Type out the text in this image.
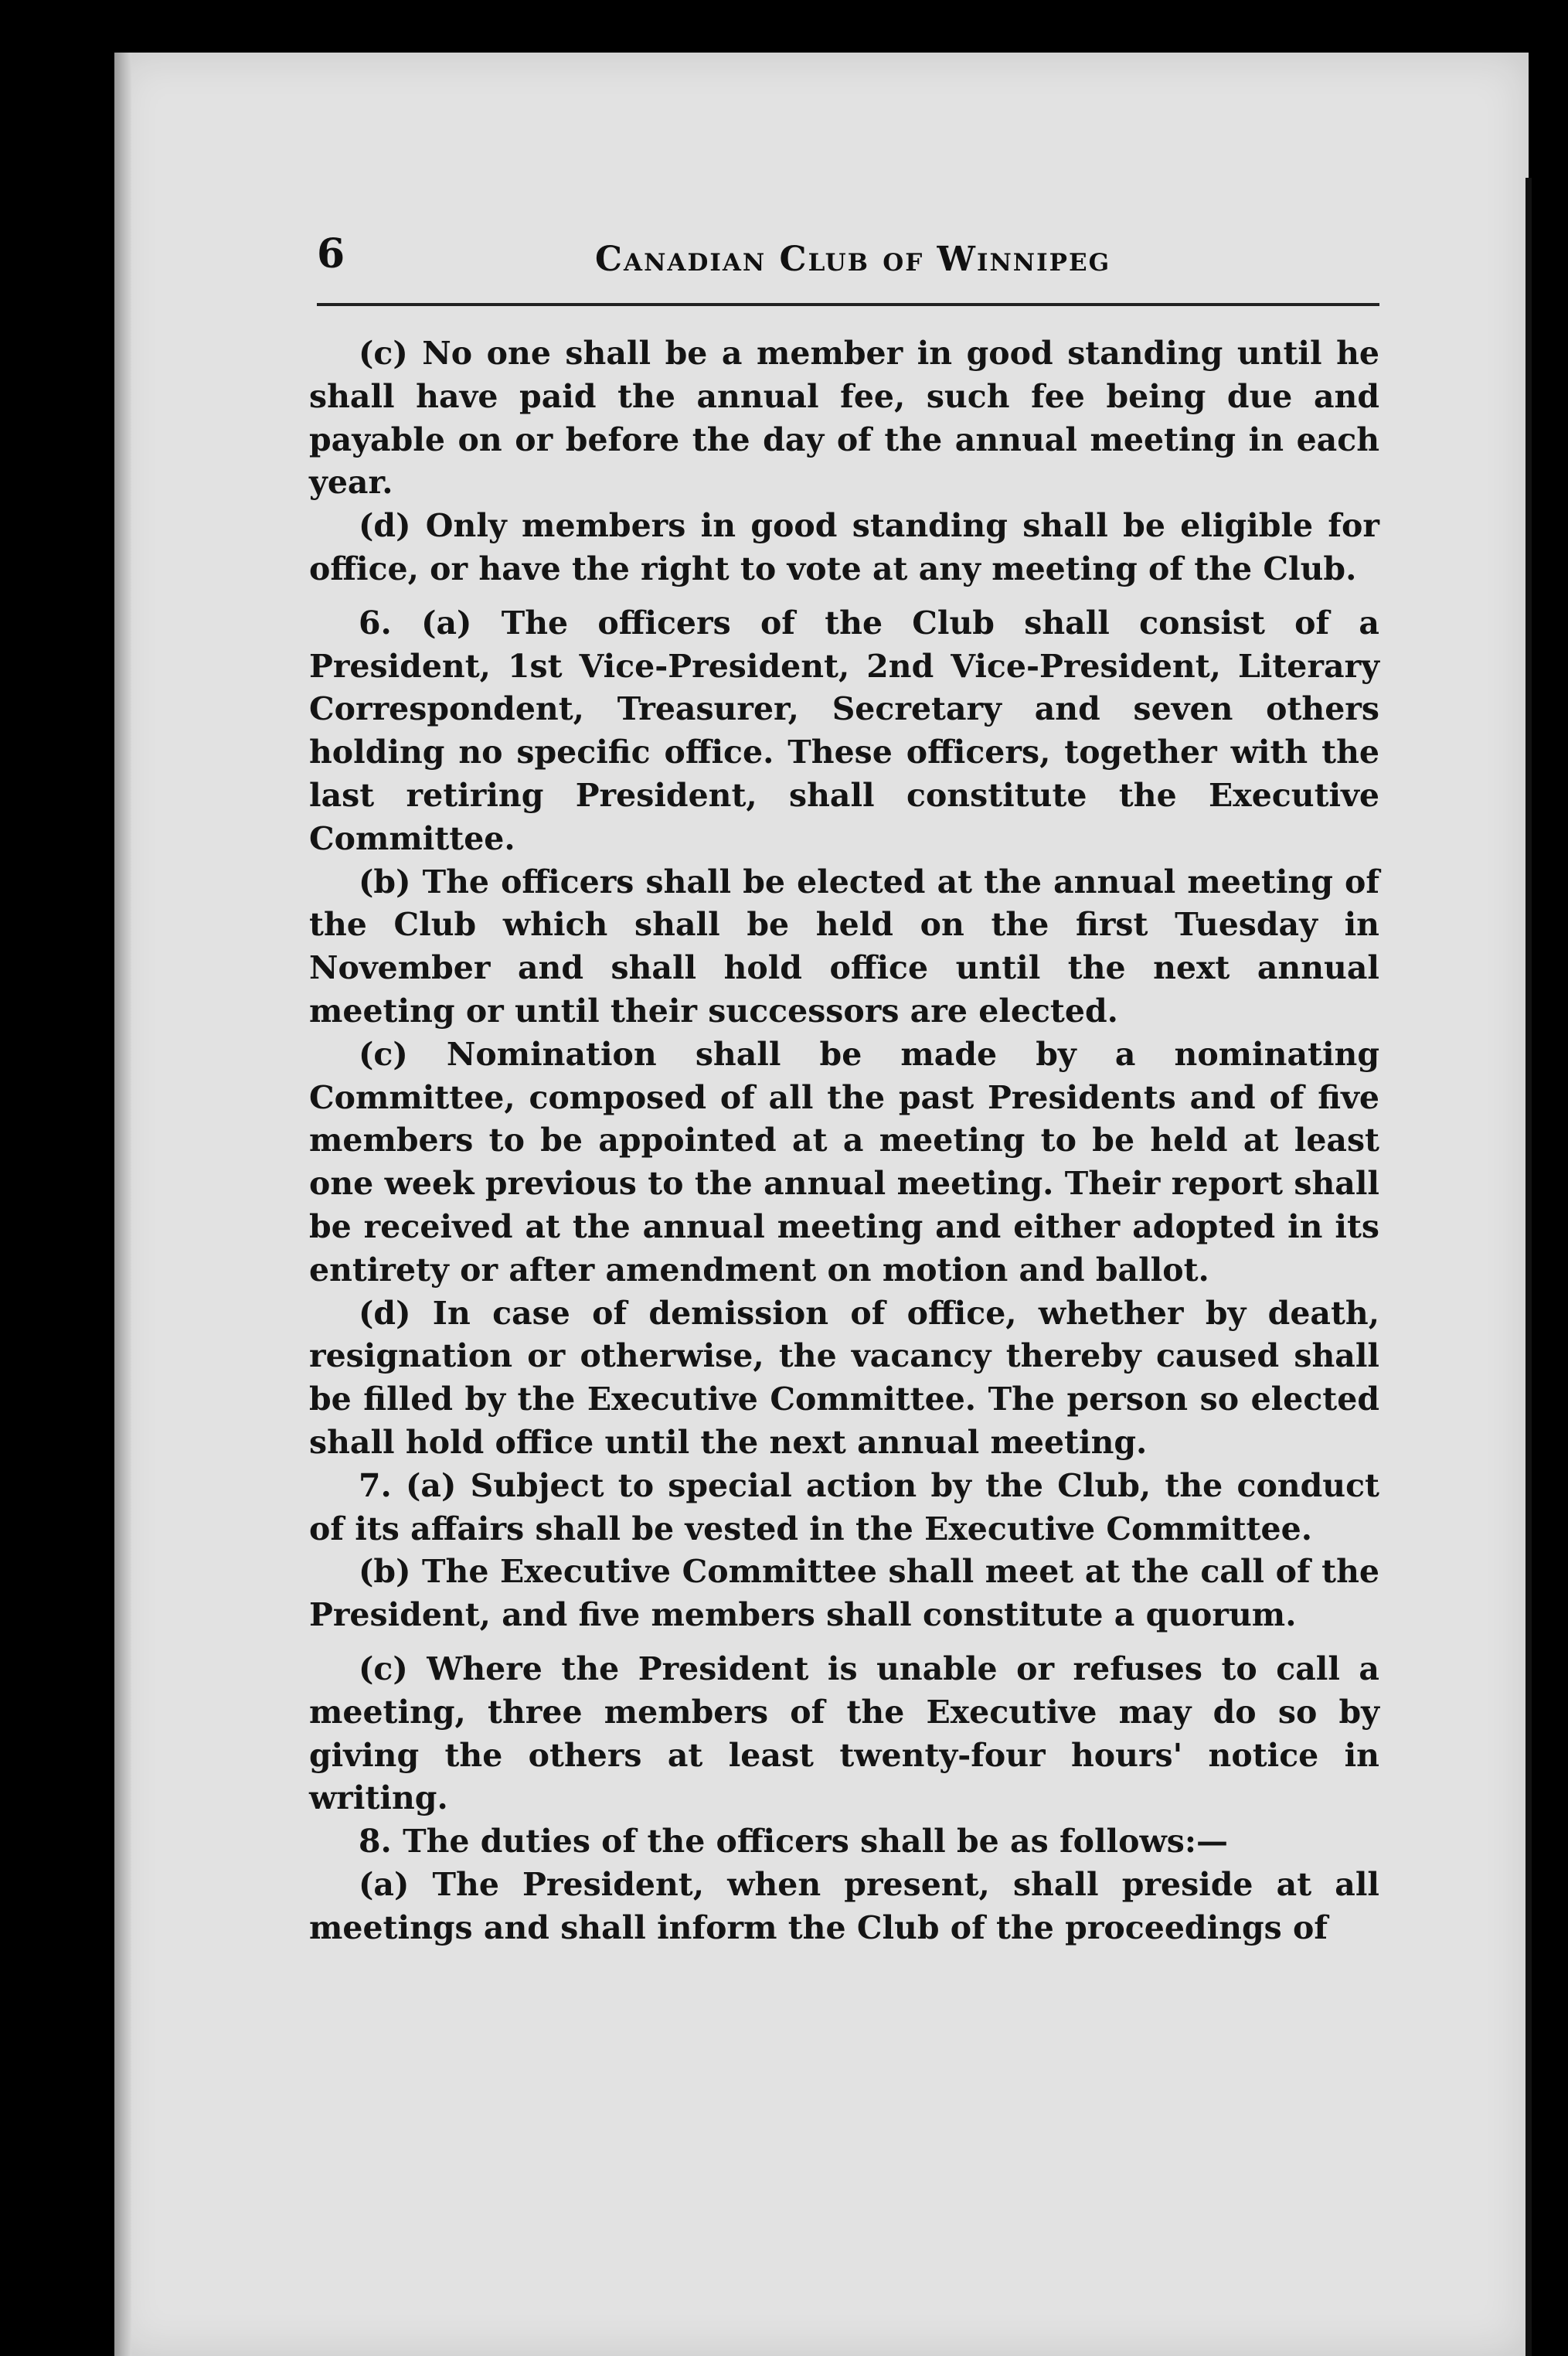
6	Canadian Club of Winnipeg

(c) No one shall be a member in good standing until he shall have paid the annual fee, such fee being due and payable on or before the day of the annual meeting in each year.

(d) Only members in good standing shall be eligible for office, or have the right to vote at any meeting of the Club.

6. (a) The officers of the Club shall consist of a President, 1st Vice-President, 2nd Vice-President, Literary Correspondent, Treasurer, Secretary and seven others holding no specific office. These officers, together with the last retiring President, shall constitute the Executive Committee.

(b) The officers shall be elected at the annual meeting of the Club which shall be held on the first Tuesday in November and shall hold office until the next annual meeting or until their successors are elected.

(c) Nomination shall be made by a nominating Committee, composed of all the past Presidents and of five members to be appointed at a meeting to be held at least one week previous to the annual meeting. Their report shall be received at the annual meeting and either adopted in its entirety or after amendment on motion and ballot.

(d) In case of demission of office, whether by death, resignation or otherwise, the vacancy thereby caused shall be filled by the Executive Committee. The person so elected shall hold office until the next annual meeting.

7. (a) Subject to special action by the Club, the conduct of its affairs shall be vested in the Executive Committee.

(b) The Executive Committee shall meet at the call of the President, and five members shall constitute a quorum.

(c) Where the President is unable or refuses to call a meeting, three members of the Executive may do so by giving the others at least twenty-four hours' notice in writing.

8. The duties of the officers shall be as follows:—

(a) The President, when present, shall preside at all meetings and shall inform the Club of the proceedings of
